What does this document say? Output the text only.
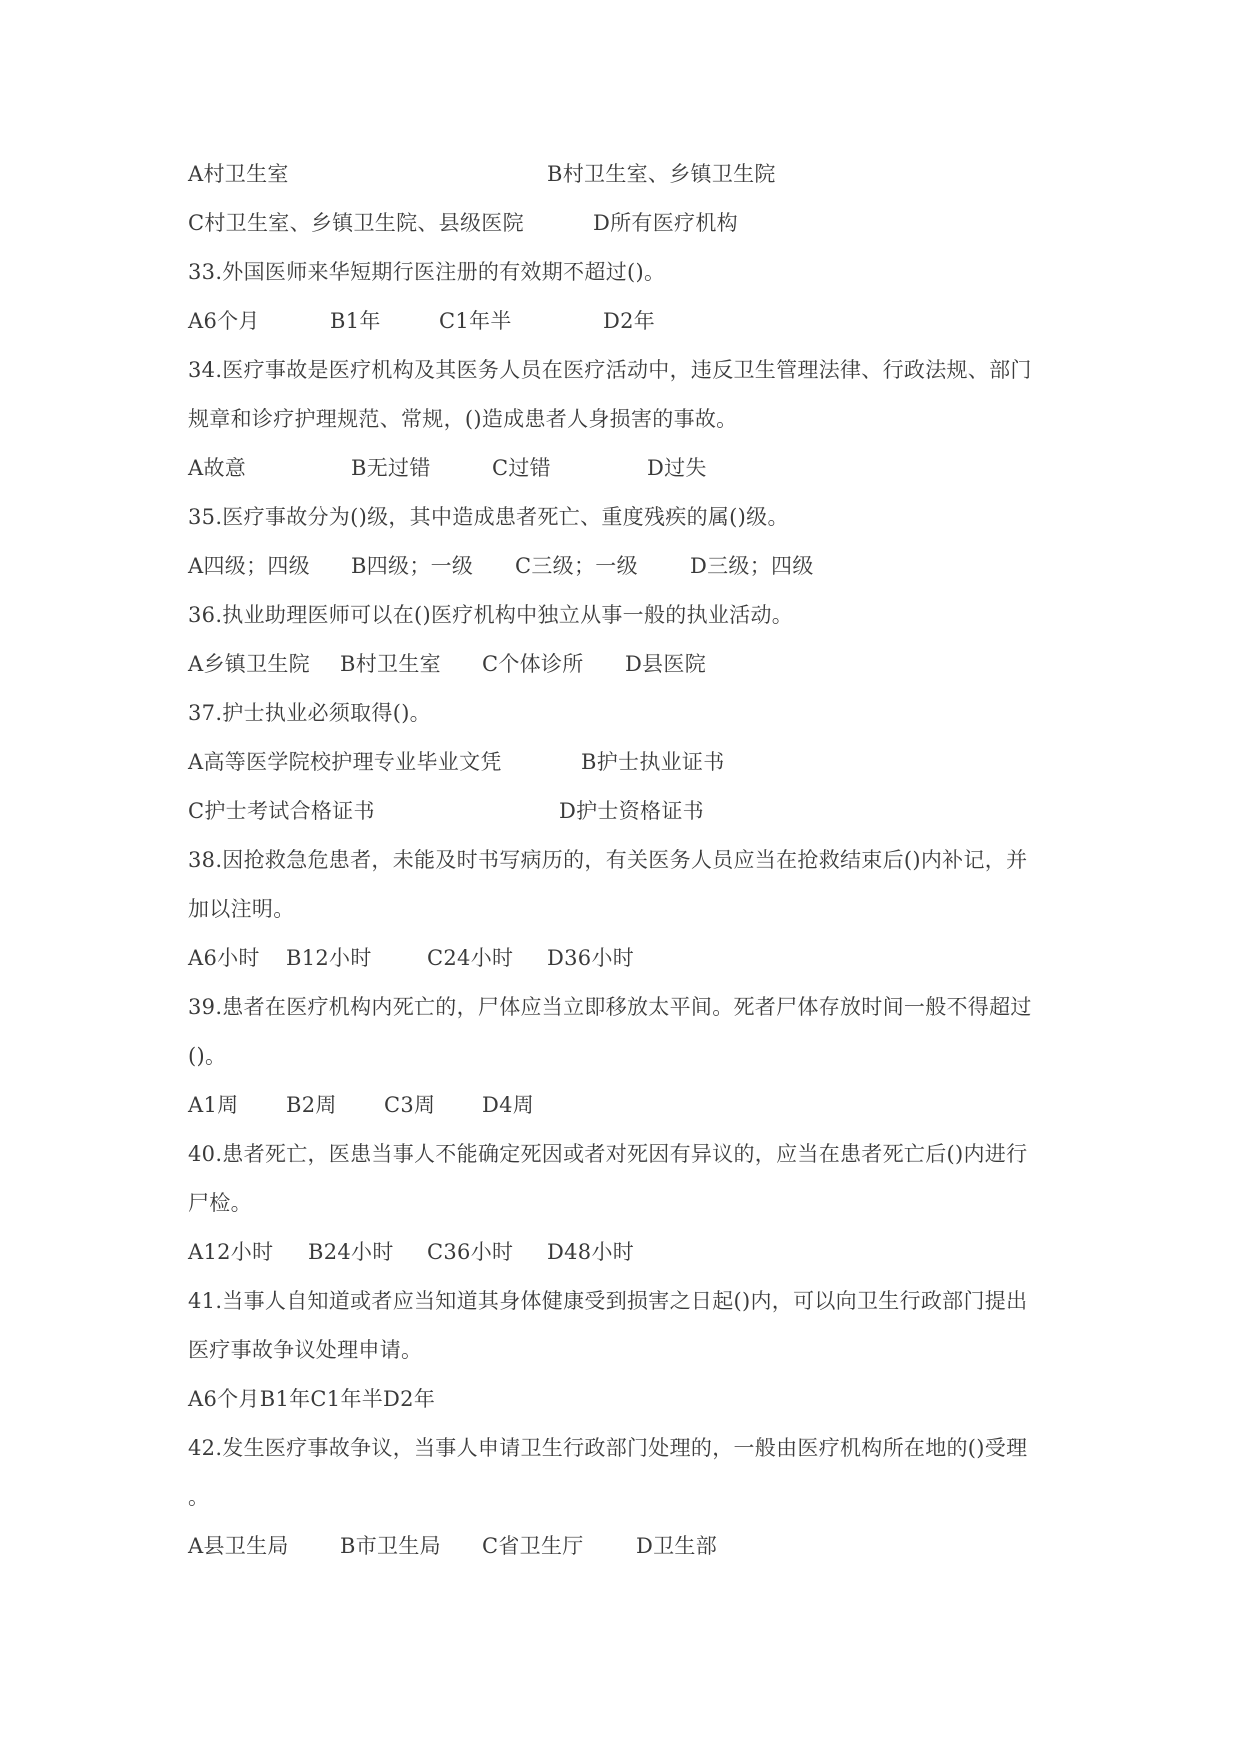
A村卫生室

	B村卫生室、乡镇卫生院

C村卫生室、乡镇卫生院、县级医院

	D所有医疗机构

33.外国医师来华短期行医注册的有效期不超过()。

A6个月

	B1年

	C1年半

	D2年

34.医疗事故是医疗机构及其医务人员在医疗活动中，违反卫生管理法律、行政法规、部门
规章和诊疗护理规范、常规，()造成患者人身损害的事故。

A故意

	B无过错

	C过错

	D过失

35.医疗事故分为()级，其中造成患者死亡、重度残疾的属()级。

A四级；四级

B四级；一级

C三级；一级

D三级；四级

36.执业助理医师可以在()医疗机构中独立从事一般的执业活动。

A乡镇卫生院

B村卫生室

C个体诊所

D县医院

37.护士执业必须取得()。

A高等医学院校护理专业毕业文凭

	B护士执业证书

C护士考试合格证书

	D护士资格证书

38.因抢救急危患者，未能及时书写病历的，有关医务人员应当在抢救结束后()内补记，并
加以注明。

A6小时

B12小时

	C24小时

D36小时

39.患者在医疗机构内死亡的，尸体应当立即移放太平间。死者尸体存放时间一般不得超过
()。

A1周

B2周

C3周

D4周

40.患者死亡，医患当事人不能确定死因或者对死因有异议的，应当在患者死亡后()内进行
尸检。

A12小时

B24小时

C36小时

D48小时

41.当事人自知道或者应当知道其身体健康受到损害之日起()内，可以向卫生行政部门提出
医疗事故争议处理申请。
A6个月B1年C1年半D2年
42.发生医疗事故争议，当事人申请卫生行政部门处理的，一般由医疗机构所在地的()受理
。

A县卫生局

B市卫生局

C省卫生厅

D卫生部
